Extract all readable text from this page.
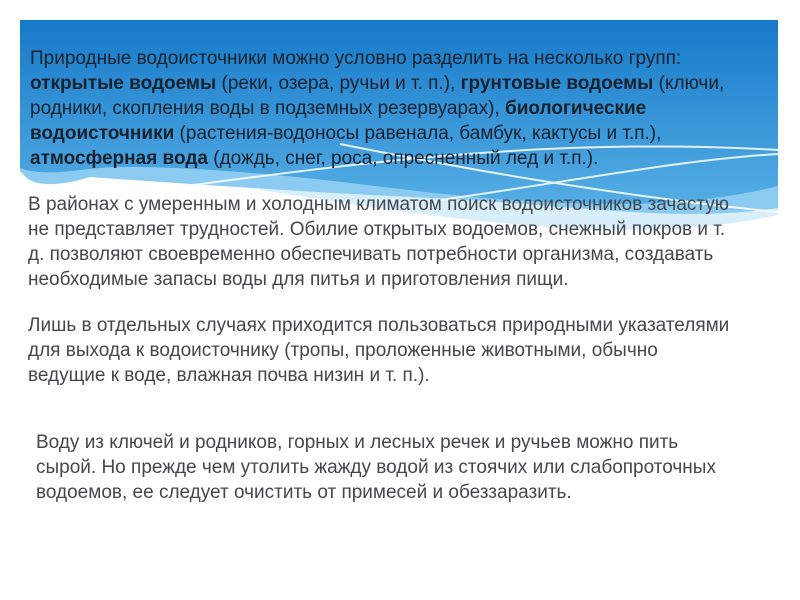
Природные водоисточники можно условно разделить на несколько групп:
открытые водоемы (реки, озера, ручьи и т. п.), грунтовые водоемы (ключи,
родники, скопления воды в подземных резервуарах), биологические
водоисточники (растения-водоносы равенала, бамбук, кактусы и т.п.),
атмосферная вода (дождь, снег, роса, опресненный лед и т.п.).
В районах с умеренным и холодным климатом поиск водоисточников зачастую
не представляет трудностей. Обилие открытых водоемов, снежный покров и т.
д. позволяют своевременно обеспечивать потребности организма, создавать
необходимые запасы воды для питья и приготовления пищи.
Лишь в отдельных случаях приходится пользоваться природными указателями
для выхода к водоисточнику (тропы, проложенные животными, обычно
ведущие к воде, влажная почва низин и т. п.).
Воду из ключей и родников, горных и лесных речек и ручьев можно пить
сырой. Но прежде чем утолить жажду водой из стоячих или слабопроточных
водоемов, ее следует очистить от примесей и обеззаразить.
